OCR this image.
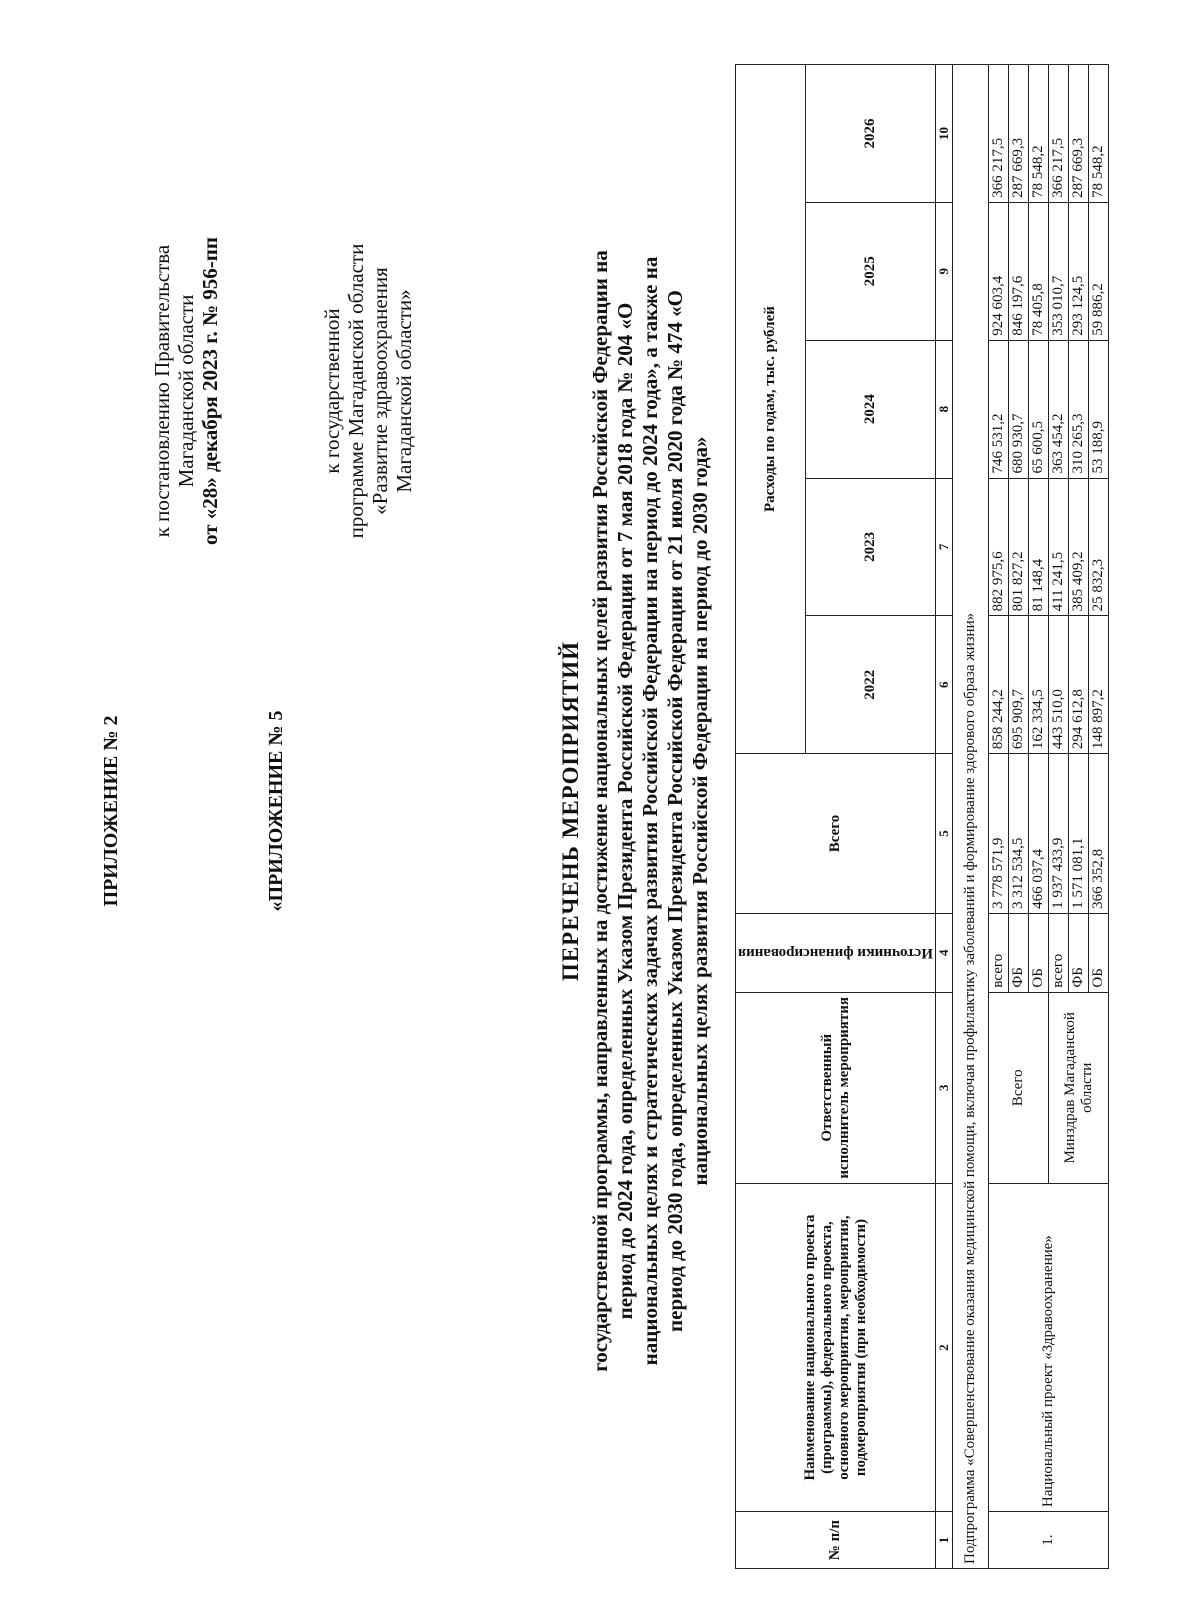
ПРИЛОЖЕНИЕ № 2
к постановлению Правительства Магаданской области от «28» декабря 2023 г. № 956-пп
«ПРИЛОЖЕНИЕ № 5
к государственной программе Магаданской области «Развитие здравоохранения Магаданской области»
ПЕРЕЧЕНЬ МЕРОПРИЯТИЙ государственной программы, направленных на достижение национальных целей развития Российской Федерации на период до 2024 года, определенных Указом Президента Российской Федерации от 7 мая 2018 года № 204 «О национальных целях и стратегических задачах развития Российской Федерации на период до 2024 года», а также на период до 2030 года, определенных Указом Президента Российской Федерации от 21 июля 2020 года № 474 «О национальных целях развития Российской Федерации на период до 2030 года»
№ п/п	Наименование национального проекта (программы), федерального проекта, основного мероприятия, мероприятия, подмероприятия (при необходимости)	Ответственный исполнитель мероприятия	Источники финансирования	Всего	Расходы по годам, тыс. рублей				
					2022	2023	2024	2025	2026
1	2	3	4	5	6	7	8	9	10
Подпрограмма «Совершенствование оказания медицинской помощи, включая профилактику заболеваний и формирование здорового образа жизни»									
1.	Национальный проект «Здравоохранение»	Всего	всего	3 778 571,9	858 244,2	882 975,6	746 531,2	924 603,4	366 217,5
			ФБ	3 312 534,5	695 909,7	801 827,2	680 930,7	846 197,6	287 669,3
			ОБ	466 037,4	162 334,5	81 148,4	65 600,5	78 405,8	78 548,2
		Минздрав Магаданской области	всего	1 937 433,9	443 510,0	411 241,5	363 454,2	353 010,7	366 217,5
			ФБ	1 571 081,1	294 612,8	385 409,2	310 265,3	293 124,5	287 669,3
			ОБ	366 352,8	148 897,2	25 832,3	53 188,9	59 886,2	78 548,2
